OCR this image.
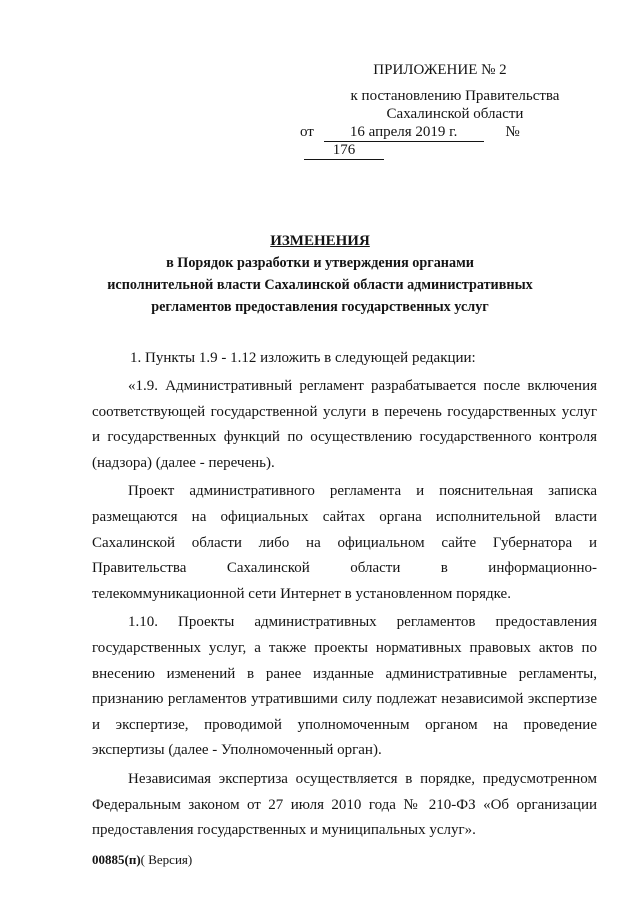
ПРИЛОЖЕНИЕ № 2
к постановлению Правительства
Сахалинской области
от 16 апреля 2019 г.	№ 176
ИЗМЕНЕНИЯ
в Порядок разработки и утверждения органами
исполнительной власти Сахалинской области административных
регламентов предоставления государственных услуг
1. Пункты 1.9 - 1.12 изложить в следующей редакции:

«1.9. Административный регламент разрабатывается после включения соответствующей государственной услуги в перечень государственных услуг и государственных функций по осуществлению государственного контроля (надзора) (далее - перечень).

Проект административного регламента и пояснительная записка размещаются на официальных сайтах органа исполнительной власти Сахалинской области либо на официальном сайте Губернатора и Правительства Сахалинской области в информационно-телекоммуникационной сети Интернет в установленном порядке.

1.10. Проекты административных регламентов предоставления государственных услуг, а также проекты нормативных правовых актов по внесению изменений в ранее изданные административные регламенты, признанию регламентов утратившими силу подлежат независимой экспертизе и экспертизе, проводимой уполномоченным органом на проведение экспертизы (далее - Уполномоченный орган).

Независимая экспертиза осуществляется в порядке, предусмотренном Федеральным законом от 27 июля 2010 года № 210-ФЗ «Об организации предоставления государственных и муниципальных услуг».

00885(п)( Версия)
